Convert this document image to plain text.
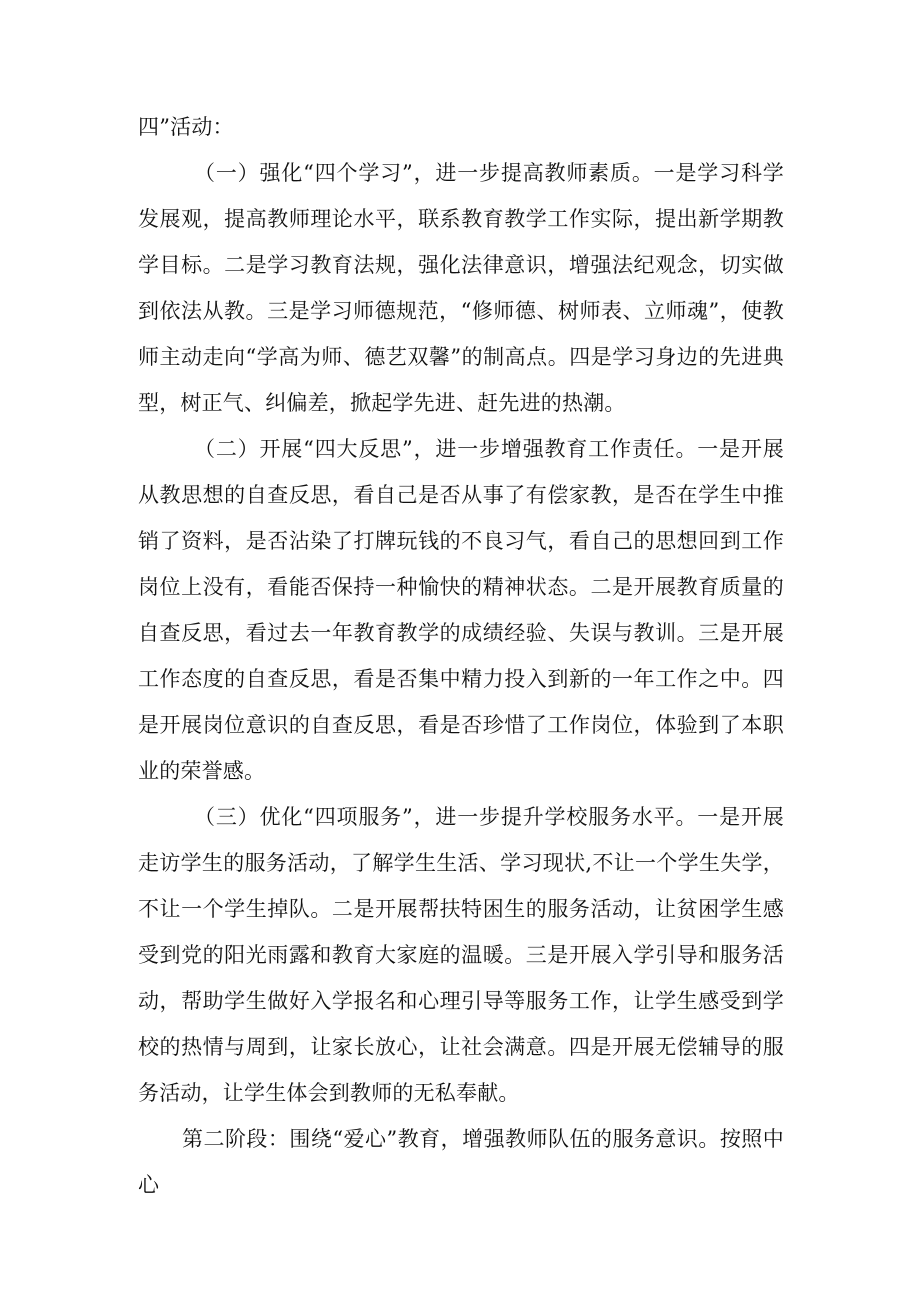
四”活动：

（一）强化“四个学习”，进一步提高教师素质。一是学习科学发展观，提高教师理论水平，联系教育教学工作实际，提出新学期教学目标。二是学习教育法规，强化法律意识，增强法纪观念，切实做到依法从教。三是学习师德规范，“修师德、树师表、立师魂”，使教师主动走向“学高为师、德艺双馨”的制高点。四是学习身边的先进典型，树正气、纠偏差，掀起学先进、赶先进的热潮。

（二）开展“四大反思”，进一步增强教育工作责任。一是开展从教思想的自查反思，看自己是否从事了有偿家教，是否在学生中推销了资料，是否沾染了打牌玩钱的不良习气，看自己的思想回到工作岗位上没有，看能否保持一种愉快的精神状态。二是开展教育质量的自查反思，看过去一年教育教学的成绩经验、失误与教训。三是开展工作态度的自查反思，看是否集中精力投入到新的一年工作之中。四是开展岗位意识的自查反思，看是否珍惜了工作岗位，体验到了本职业的荣誉感。

（三）优化“四项服务”，进一步提升学校服务水平。一是开展走访学生的服务活动，了解学生生活、学习现状,不让一个学生失学，不让一个学生掉队。二是开展帮扶特困生的服务活动，让贫困学生感受到党的阳光雨露和教育大家庭的温暖。三是开展入学引导和服务活动，帮助学生做好入学报名和心理引导等服务工作，让学生感受到学校的热情与周到，让家长放心，让社会满意。四是开展无偿辅导的服务活动，让学生体会到教师的无私奉献。

第二阶段：围绕“爱心”教育，增强教师队伍的服务意识。按照中心
